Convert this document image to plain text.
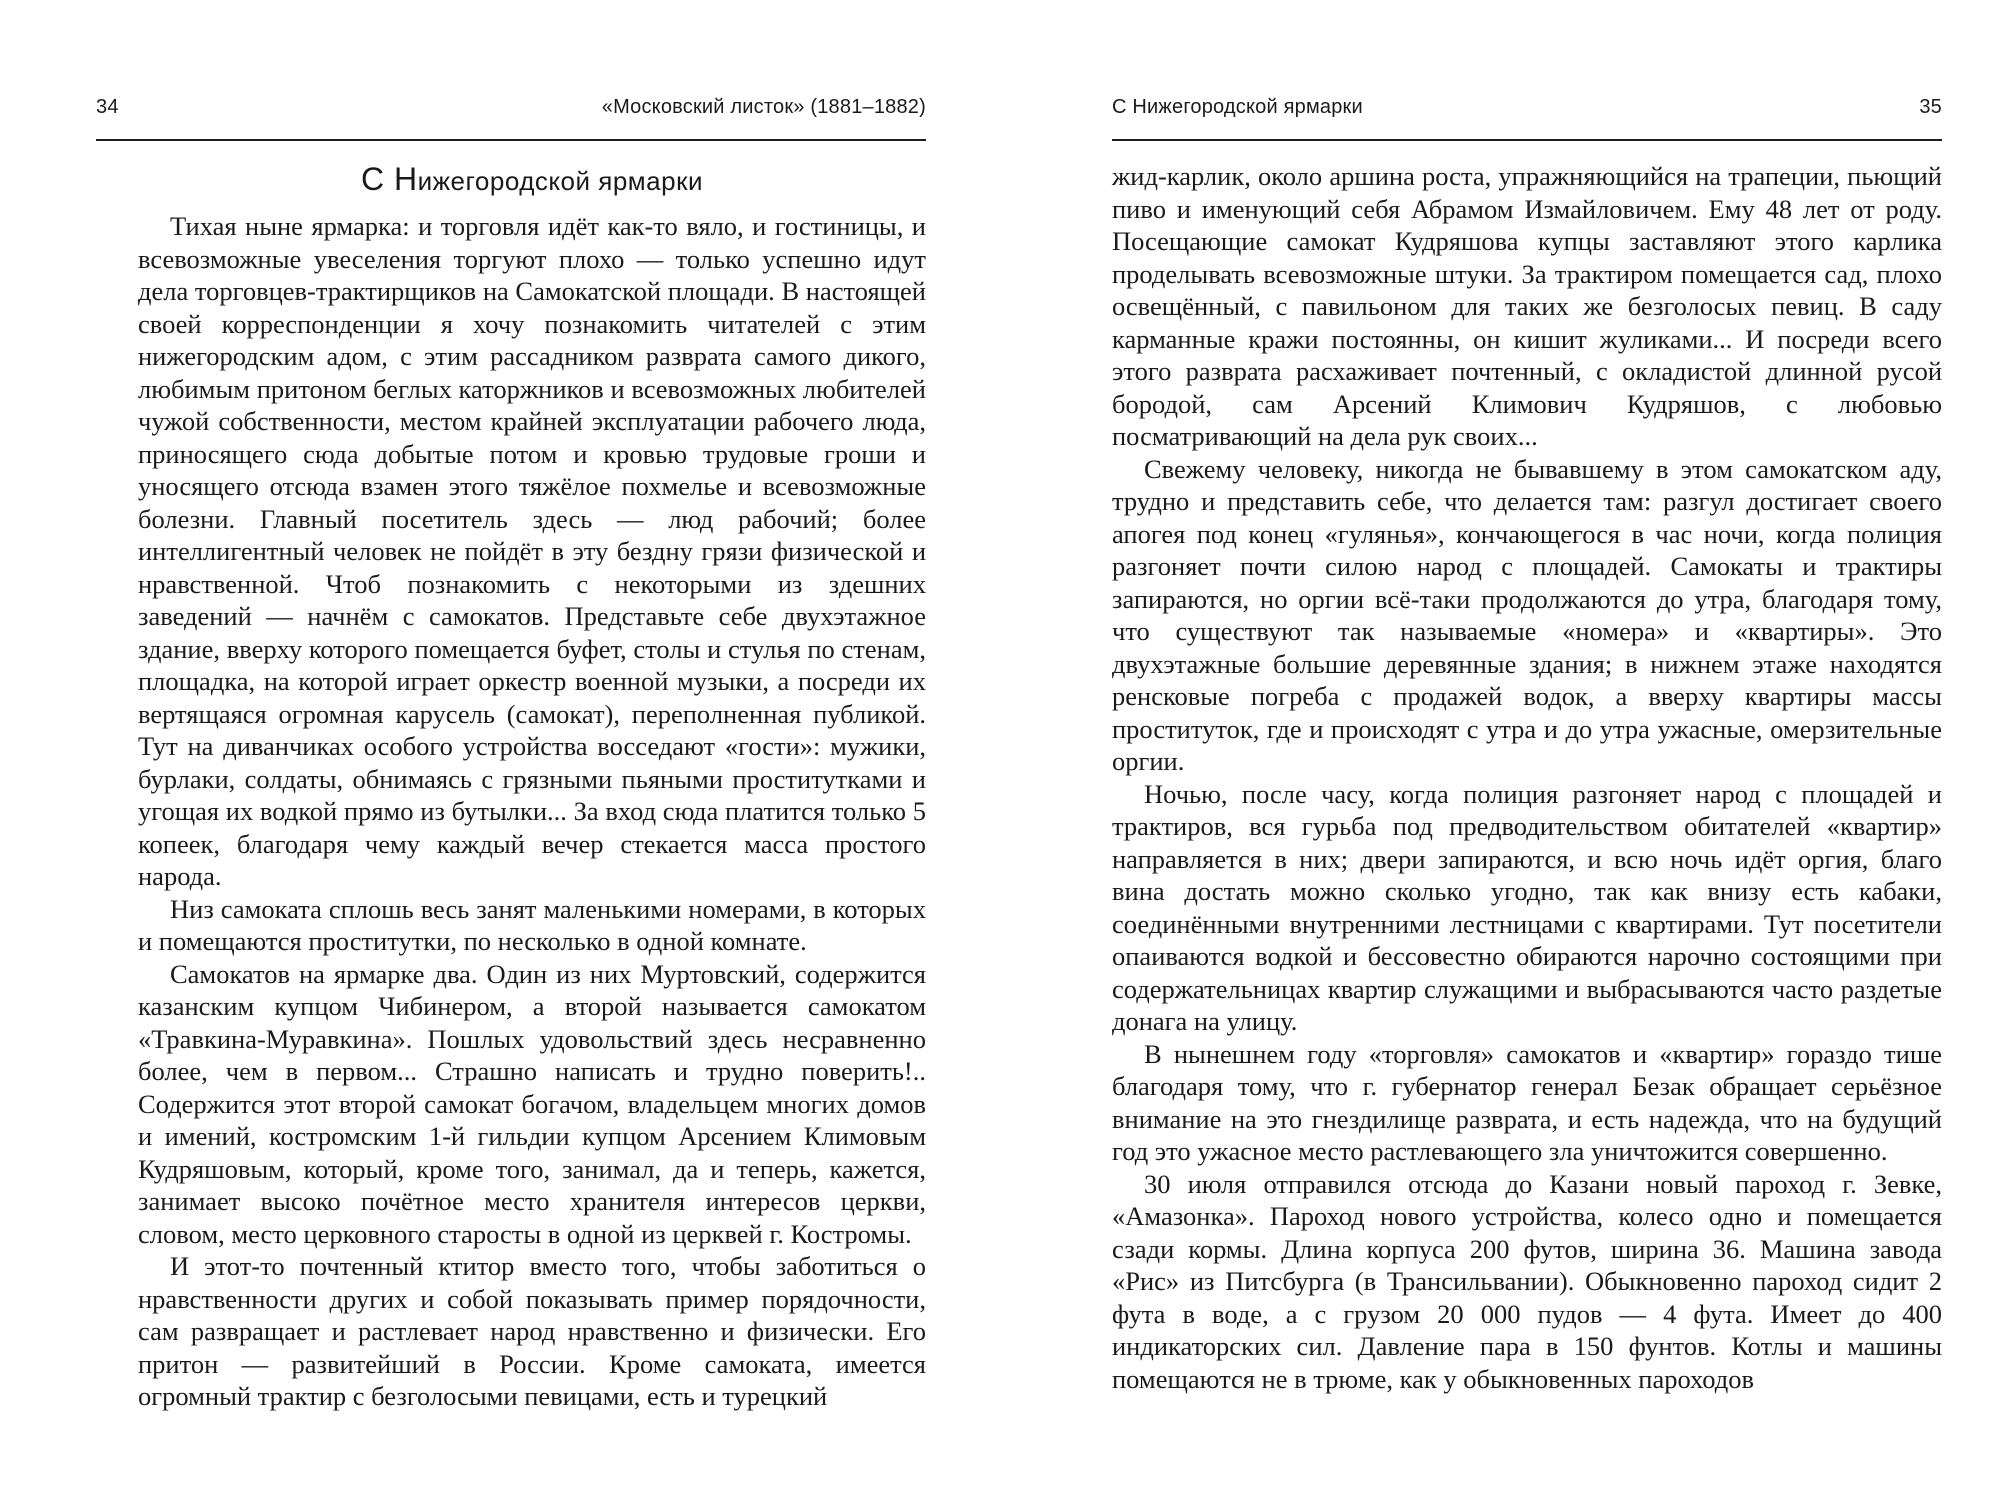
34	«Московский листок» (1881–1882)
С Нижегородской ярмарки

Тихая ныне ярмарка: и торговля идёт как-то вяло, и гостиницы, и всевозможные увеселения торгуют плохо — только успешно идут дела торговцев-трактирщиков на Самокатской площади. В настоящей своей корреспонденции я хочу познакомить читателей с этим нижегородским адом, с этим рассадником разврата самого дикого, любимым притоном беглых каторжников и всевозможных любителей чужой собственности, местом крайней эксплуатации рабочего люда, приносящего сюда добытые потом и кровью трудовые гроши и уносящего отсюда взамен этого тяжёлое похмелье и всевозможные болезни. Главный посетитель здесь — люд рабочий; более интеллигентный человек не пойдёт в эту бездну грязи физической и нравственной. Чтоб познакомить с некоторыми из здешних заведений — начнём с самокатов. Представьте себе двухэтажное здание, вверху которого помещается буфет, столы и стулья по стенам, площадка, на которой играет оркестр военной музыки, а посреди их вертящаяся огромная карусель (самокат), переполненная публикой. Тут на диванчиках особого устройства восседают «гости»: мужики, бурлаки, солдаты, обнимаясь с грязными пьяными проститутками и угощая их водкой прямо из бутылки... За вход сюда платится только 5 копеек, благодаря чему каждый вечер стекается масса простого народа.

Низ самоката сплошь весь занят маленькими номерами, в которых и помещаются проститутки, по несколько в одной комнате.

Самокатов на ярмарке два. Один из них Муртовский, содержится казанским купцом Чибинером, а второй называется самокатом «Травкина-Муравкина». Пошлых удовольствий здесь несравненно более, чем в первом... Страшно написать и трудно поверить!.. Содержится этот второй самокат богачом, владельцем многих домов и имений, костромским 1-й гильдии купцом Арсением Климовым Кудряшовым, который, кроме того, занимал, да и теперь, кажется, занимает высоко почётное место хранителя интересов церкви, словом, место церковного старосты в одной из церквей г. Костромы.

И этот-то почтенный ктитор вместо того, чтобы заботиться о нравственности других и собой показывать пример порядочности, сам развращает и растлевает народ нравственно и физически. Его притон — развитейший в России. Кроме самоката, имеется огромный трактир с безголосыми певицами, есть и турецкий

С Нижегородской ярмарки	35

жид-карлик, около аршина роста, упражняющийся на трапеции, пьющий пиво и именующий себя Абрамом Измайловичем. Ему 48 лет от роду. Посещающие самокат Кудряшова купцы заставляют этого карлика проделывать всевозможные штуки. За трактиром помещается сад, плохо освещённый, с павильоном для таких же безголосых певиц. В саду карманные кражи постоянны, он кишит жуликами... И посреди всего этого разврата расхаживает почтенный, с окладистой длинной русой бородой, сам Арсений Климович Кудряшов, с любовью посматривающий на дела рук своих...

Свежему человеку, никогда не бывавшему в этом самокатском аду, трудно и представить себе, что делается там: разгул достигает своего апогея под конец «гулянья», кончающегося в час ночи, когда полиция разгоняет почти силою народ с площадей. Самокаты и трактиры запираются, но оргии всё-таки продолжаются до утра, благодаря тому, что существуют так называемые «номера» и «квартиры». Это двухэтажные большие деревянные здания; в нижнем этаже находятся ренсковые погреба с продажей водок, а вверху квартиры массы проституток, где и происходят с утра и до утра ужасные, омерзительные оргии.

Ночью, после часу, когда полиция разгоняет народ с площадей и трактиров, вся гурьба под предводительством обитателей «квартир» направляется в них; двери запираются, и всю ночь идёт оргия, благо вина достать можно сколько угодно, так как внизу есть кабаки, соединёнными внутренними лестницами с квартирами. Тут посетители опаиваются водкой и бессовестно обираются нарочно состоящими при содержательницах квартир служащими и выбрасываются часто раздетые донага на улицу.

В нынешнем году «торговля» самокатов и «квартир» гораздо тише благодаря тому, что г. губернатор генерал Безак обращает серьёзное внимание на это гнездилище разврата, и есть надежда, что на будущий год это ужасное место растлевающего зла уничтожится совершенно.

30 июля отправился отсюда до Казани новый пароход г. Зевке, «Амазонка». Пароход нового устройства, колесо одно и помещается сзади кормы. Длина корпуса 200 футов, ширина 36. Машина завода «Рис» из Питсбурга (в Трансильвании). Обыкновенно пароход сидит 2 фута в воде, а с грузом 20 000 пудов — 4 фута. Имеет до 400 индикаторских сил. Давление пара в 150 фунтов. Котлы и машины помещаются не в трюме, как у обыкновенных пароходов
